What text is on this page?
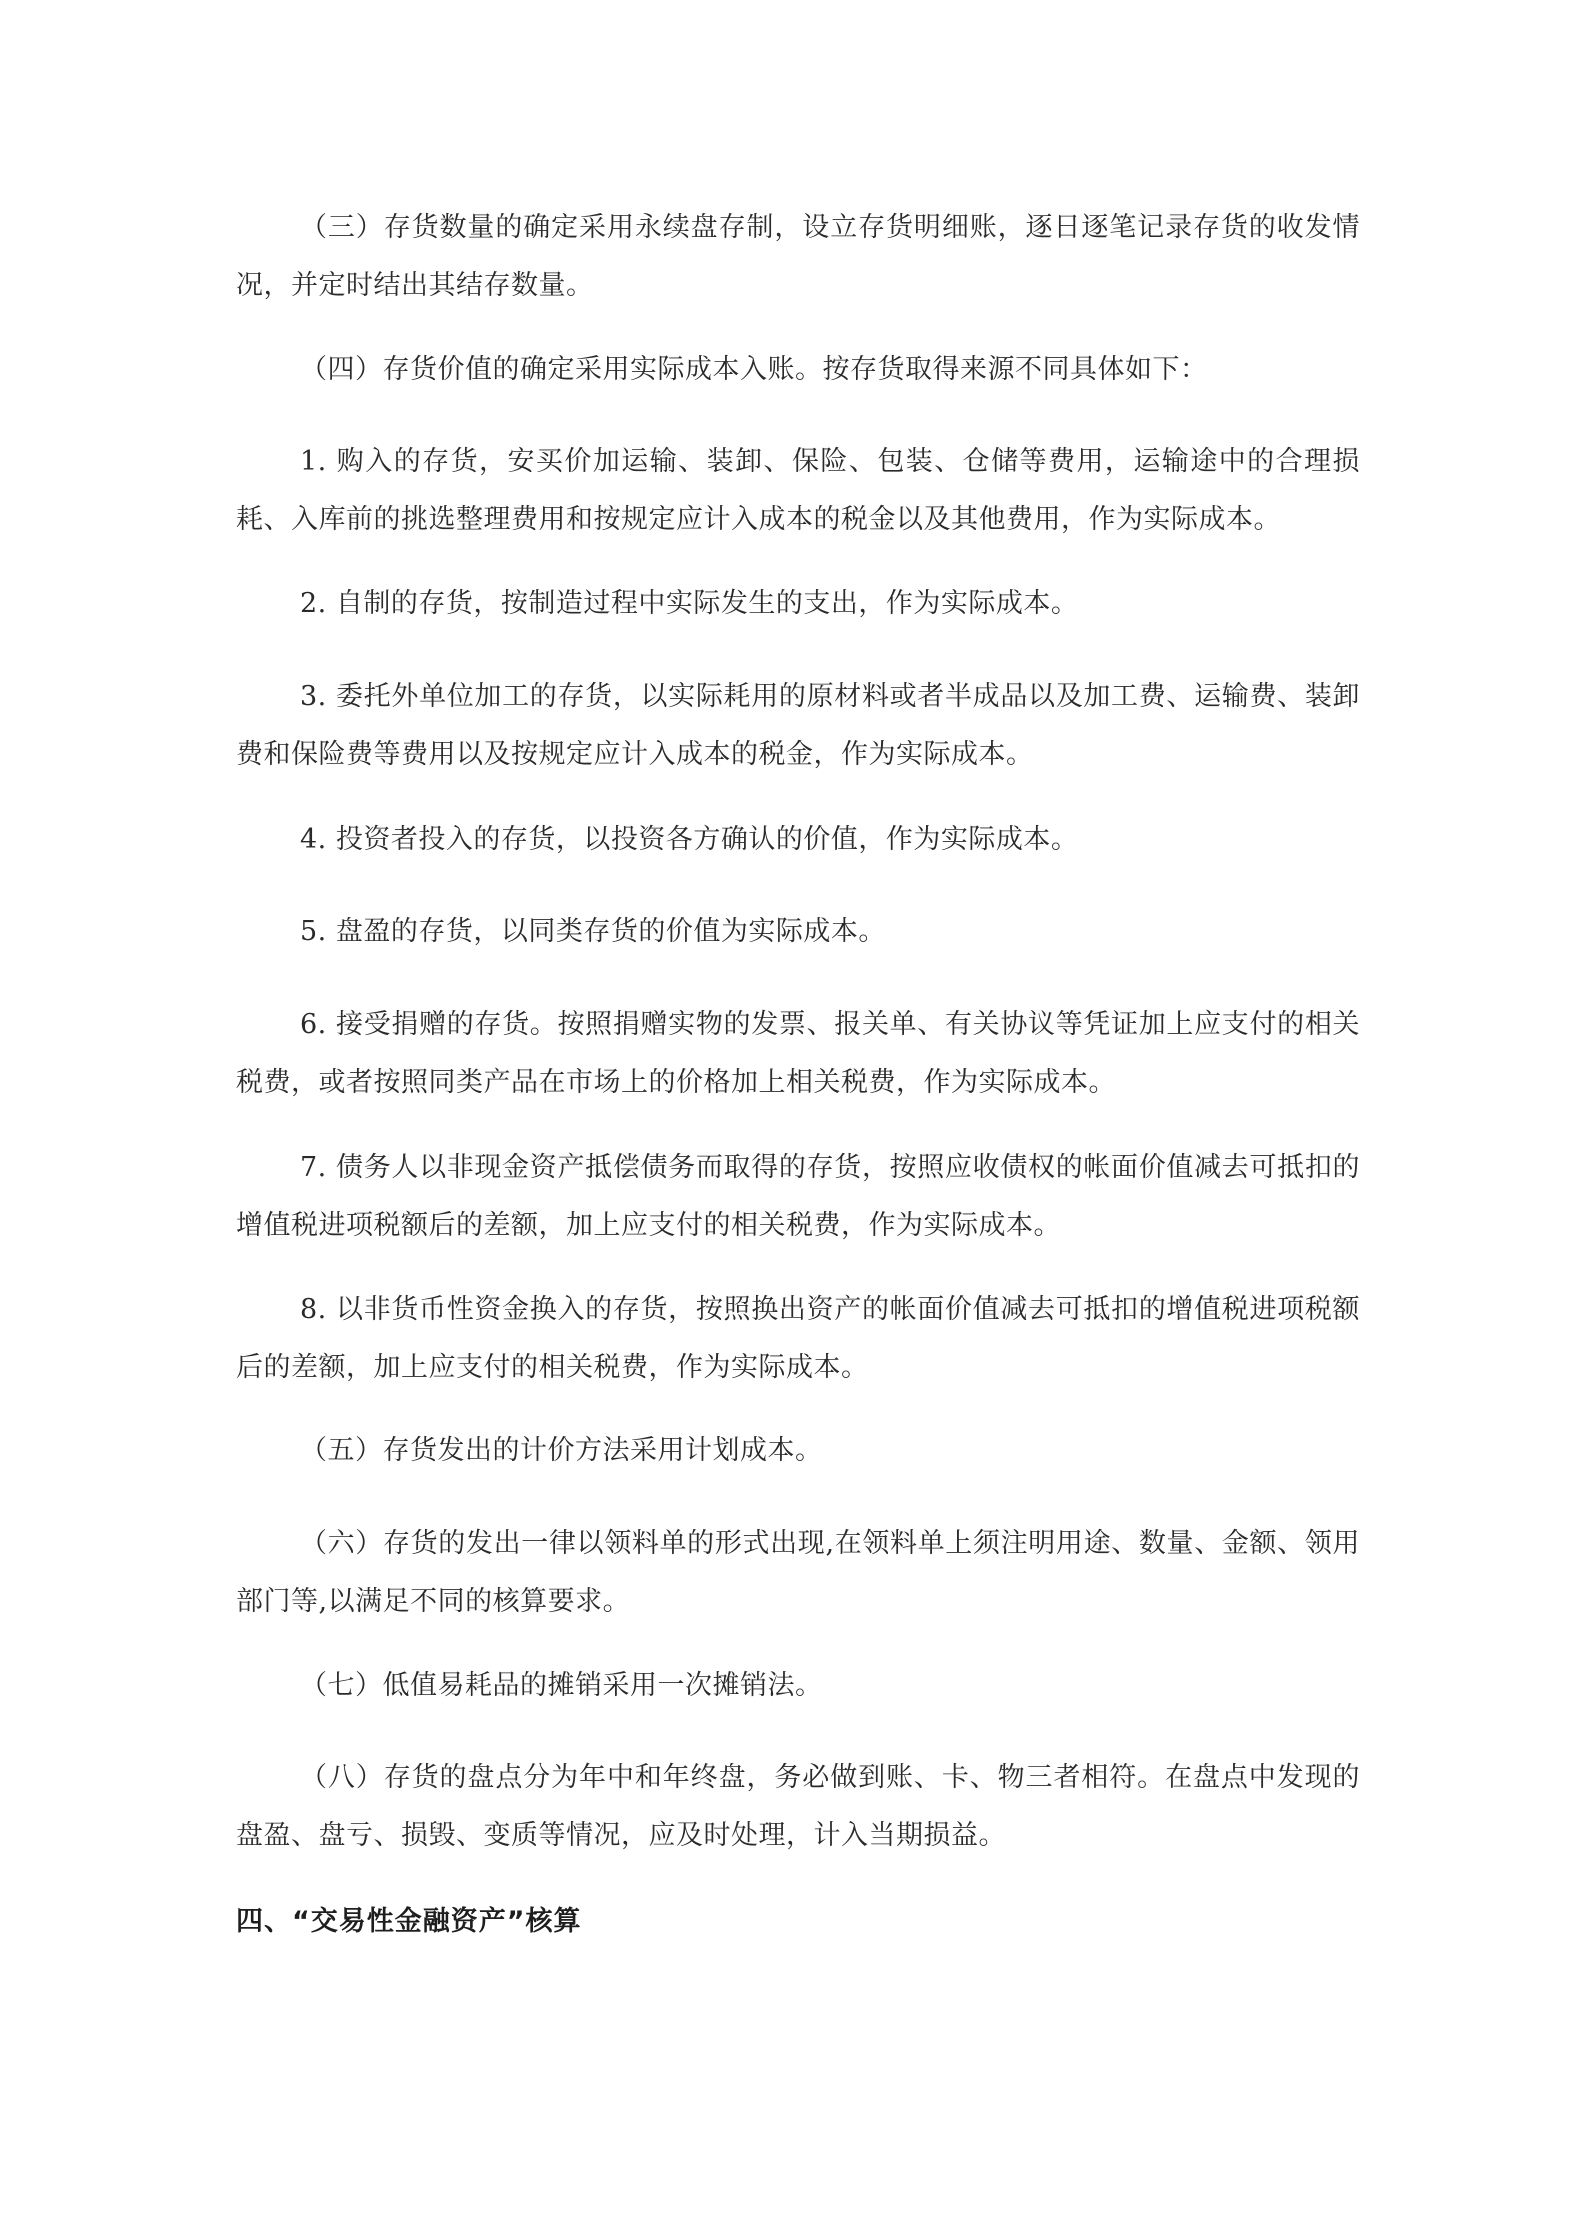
（三）存货数量的确定采用永续盘存制，设立存货明细账，逐日逐笔记录存货的收发情况，并定时结出其结存数量。

（四）存货价值的确定采用实际成本入账。按存货取得来源不同具体如下：

1. 购入的存货，安买价加运输、装卸、保险、包装、仓储等费用，运输途中的合理损耗、入库前的挑选整理费用和按规定应计入成本的税金以及其他费用，作为实际成本。

2. 自制的存货，按制造过程中实际发生的支出，作为实际成本。

3. 委托外单位加工的存货，以实际耗用的原材料或者半成品以及加工费、运输费、装卸费和保险费等费用以及按规定应计入成本的税金，作为实际成本。

4. 投资者投入的存货，以投资各方确认的价值，作为实际成本。

5. 盘盈的存货，以同类存货的价值为实际成本。

6. 接受捐赠的存货。按照捐赠实物的发票、报关单、有关协议等凭证加上应支付的相关税费，或者按照同类产品在市场上的价格加上相关税费，作为实际成本。

7. 债务人以非现金资产抵偿债务而取得的存货，按照应收债权的帐面价值减去可抵扣的增值税进项税额后的差额，加上应支付的相关税费，作为实际成本。

8. 以非货币性资金换入的存货，按照换出资产的帐面价值减去可抵扣的增值税进项税额后的差额，加上应支付的相关税费，作为实际成本。

（五）存货发出的计价方法采用计划成本。

（六）存货的发出一律以领料单的形式出现,在领料单上须注明用途、数量、金额、领用部门等,以满足不同的核算要求。

（七）低值易耗品的摊销采用一次摊销法。

（八）存货的盘点分为年中和年终盘，务必做到账、卡、物三者相符。在盘点中发现的盘盈、盘亏、损毁、变质等情况，应及时处理，计入当期损益。

四、“交易性金融资产”核算
